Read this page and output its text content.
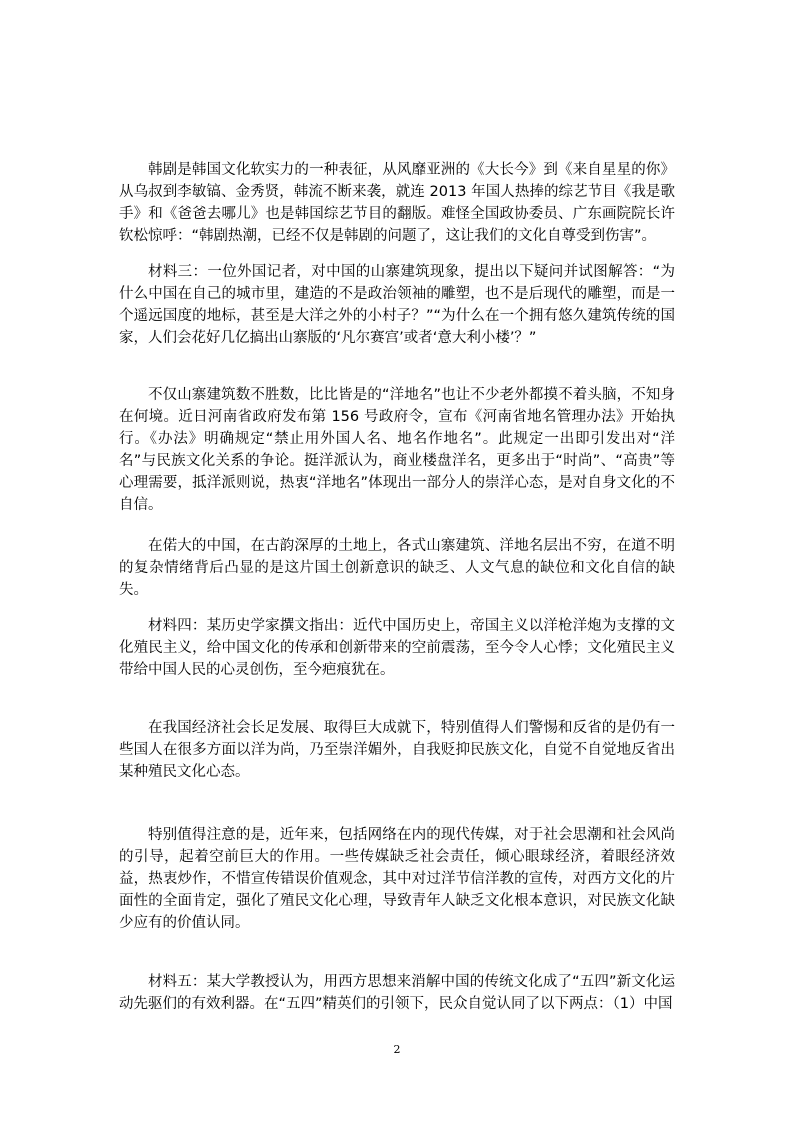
韩剧是韩国文化软实力的一种表征，从风靡亚洲的《大长今》到《来自星星的你》从乌叔到李敏镐、金秀贤，韩流不断来袭，就连 2013 年国人热捧的综艺节目《我是歌手》和《爸爸去哪儿》也是韩国综艺节目的翻版。难怪全国政协委员、广东画院院长许钦松惊呼：“韩剧热潮，已经不仅是韩剧的问题了，这让我们的文化自尊受到伤害”。

材料三：一位外国记者，对中国的山寨建筑现象，提出以下疑问并试图解答：“为什么中国在自己的城市里，建造的不是政治领袖的雕塑，也不是后现代的雕塑，而是一个遥远国度的地标，甚至是大洋之外的小村子？”“为什么在一个拥有悠久建筑传统的国家，人们会花好几亿搞出山寨版的‘凡尔赛宫’或者‘意大利小楼’？”

不仅山寨建筑数不胜数，比比皆是的“洋地名”也让不少老外都摸不着头脑，不知身在何境。近日河南省政府发布第 156 号政府令，宣布《河南省地名管理办法》开始执行。《办法》明确规定“禁止用外国人名、地名作地名”。此规定一出即引发出对“洋名”与民族文化关系的争论。挺洋派认为，商业楼盘洋名，更多出于“时尚”、“高贵”等心理需要，抵洋派则说，热衷“洋地名”体现出一部分人的崇洋心态，是对自身文化的不自信。

在偌大的中国，在古韵深厚的土地上，各式山寨建筑、洋地名层出不穷，在道不明的复杂情绪背后凸显的是这片国土创新意识的缺乏、人文气息的缺位和文化自信的缺失。

材料四：某历史学家撰文指出：近代中国历史上，帝国主义以洋枪洋炮为支撑的文化殖民主义，给中国文化的传承和创新带来的空前震荡，至今令人心悸；文化殖民主义带给中国人民的心灵创伤，至今疤痕犹在。

在我国经济社会长足发展、取得巨大成就下，特别值得人们警惕和反省的是仍有一些国人在很多方面以洋为尚，乃至崇洋媚外，自我贬抑民族文化，自觉不自觉地反省出某种殖民文化心态。

特别值得注意的是，近年来，包括网络在内的现代传媒，对于社会思潮和社会风尚的引导，起着空前巨大的作用。一些传媒缺乏社会责任，倾心眼球经济，着眼经济效益，热衷炒作，不惜宣传错误价值观念，其中对过洋节信洋教的宣传，对西方文化的片面性的全面肯定，强化了殖民文化心理，导致青年人缺乏文化根本意识，对民族文化缺少应有的价值认同。

材料五：某大学教授认为，用西方思想来消解中国的传统文化成了“五四”新文化运动先驱们的有效利器。在“五四”精英们的引领下，民众自觉认同了以下两点：（1）中国

2
